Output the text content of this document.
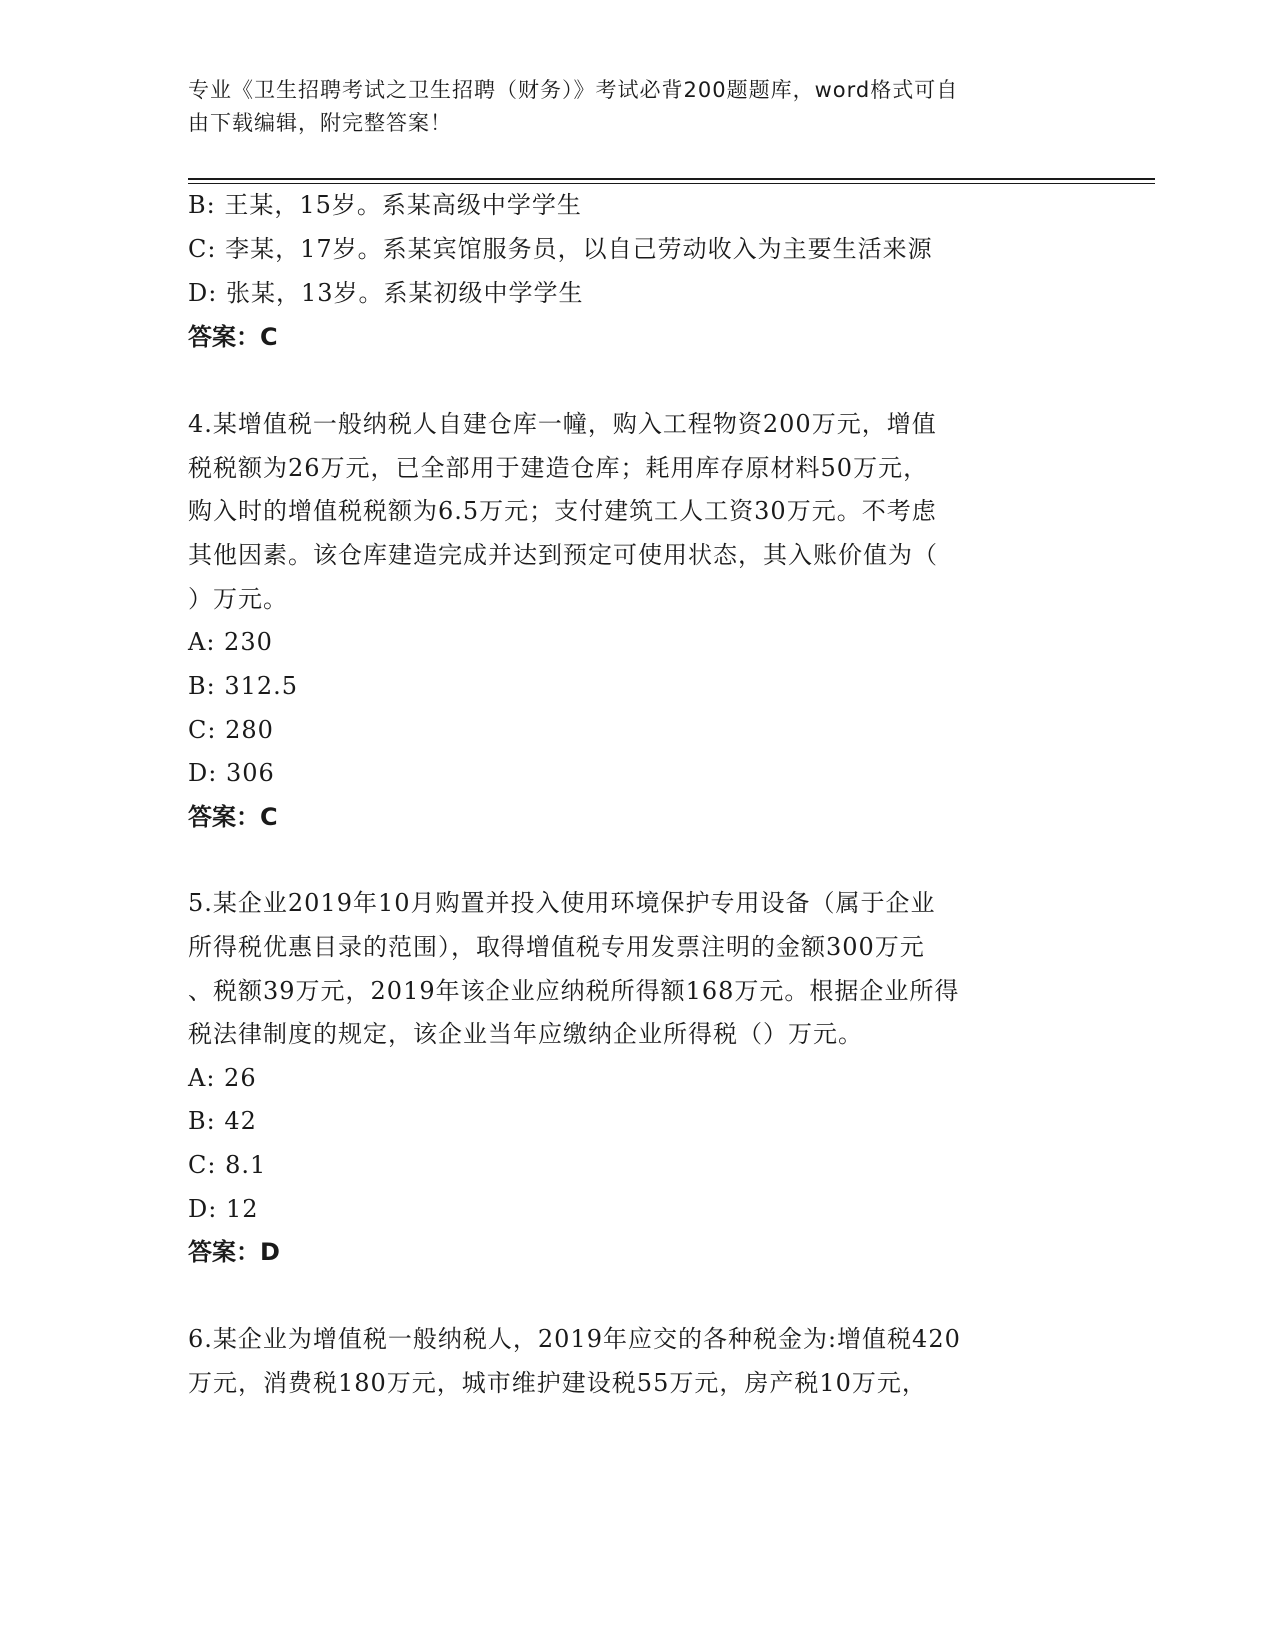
专业《卫生招聘考试之卫生招聘（财务）》考试必背200题题库，word格式可自
由下载编辑，附完整答案！
B: 王某，15岁。系某高级中学学生
C: 李某，17岁。系某宾馆服务员，以自己劳动收入为主要生活来源
D: 张某，13岁。系某初级中学学生
答案：C
4.某增值税一般纳税人自建仓库一幢，购入工程物资200万元，增值
税税额为26万元，已全部用于建造仓库；耗用库存原材料50万元，
购入时的增值税税额为6.5万元；支付建筑工人工资30万元。不考虑
其他因素。该仓库建造完成并达到预定可使用状态，其入账价值为（
）万元。
A: 230
B: 312.5
C: 280
D: 306
答案：C
5.某企业2019年10月购置并投入使用环境保护专用设备（属于企业
所得税优惠目录的范围），取得增值税专用发票注明的金额300万元
、税额39万元，2019年该企业应纳税所得额168万元。根据企业所得
税法律制度的规定，该企业当年应缴纳企业所得税（）万元。
A: 26
B: 42
C: 8.1
D: 12
答案：D
6.某企业为增值税一般纳税人，2019年应交的各种税金为:增值税420
万元，消费税180万元，城市维护建设税55万元，房产税10万元，
